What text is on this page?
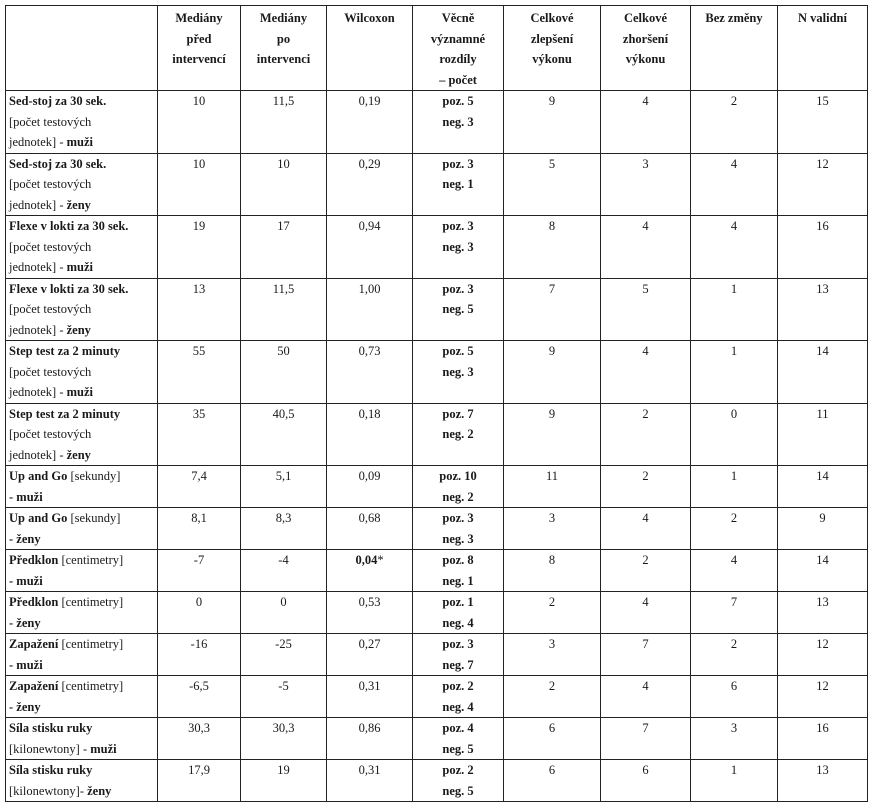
	Mediány
před
intervencí	Mediány
po
intervenci	Wilcoxon	Věcně
významné
rozdíly
– počet	Celkové
zlepšení
výkonu	Celkové
zhoršení
výkonu	Bez změny	N validní

Sed-stoj za 30 sek.
[počet testových
jednotek] - muži	10	11,5	0,19	poz. 5
neg. 3	9	4	2	15

Sed-stoj za 30 sek.
[počet testových
jednotek] - ženy	10	10	0,29	poz. 3
neg. 1	5	3	4	12

Flexe v lokti za 30 sek.
[počet testových
jednotek] - muži	19	17	0,94	poz. 3
neg. 3	8	4	4	16

Flexe v lokti za 30 sek.
[počet testových
jednotek] - ženy	13	11,5	1,00	poz. 3
neg. 5	7	5	1	13

Step test za 2 minuty
[počet testových
jednotek] - muži	55	50	0,73	poz. 5
neg. 3	9	4	1	14

Step test za 2 minuty
[počet testových
jednotek] - ženy	35	40,5	0,18	poz. 7
neg. 2	9	2	0	11

Up and Go [sekundy]
- muži	7,4	5,1	0,09	poz. 10
neg. 2	11	2	1	14

Up and Go [sekundy]
- ženy	8,1	8,3	0,68	poz. 3
neg. 3	3	4	2	9

Předklon [centimetry]
- muži	-7	-4	0,04*	poz. 8
neg. 1	8	2	4	14

Předklon [centimetry]
- ženy	0	0	0,53	poz. 1
neg. 4	2	4	7	13

Zapažení [centimetry]
- muži	-16	-25	0,27	poz. 3
neg. 7	3	7	2	12

Zapažení [centimetry]
- ženy	-6,5	-5	0,31	poz. 2
neg. 4	2	4	6	12

Síla stisku ruky
[kilonewtony] - muži	30,3	30,3	0,86	poz. 4
neg. 5	6	7	3	16

Síla stisku ruky
[kilonewtony]- ženy	17,9	19	0,31	poz. 2
neg. 5	6	6	1	13
